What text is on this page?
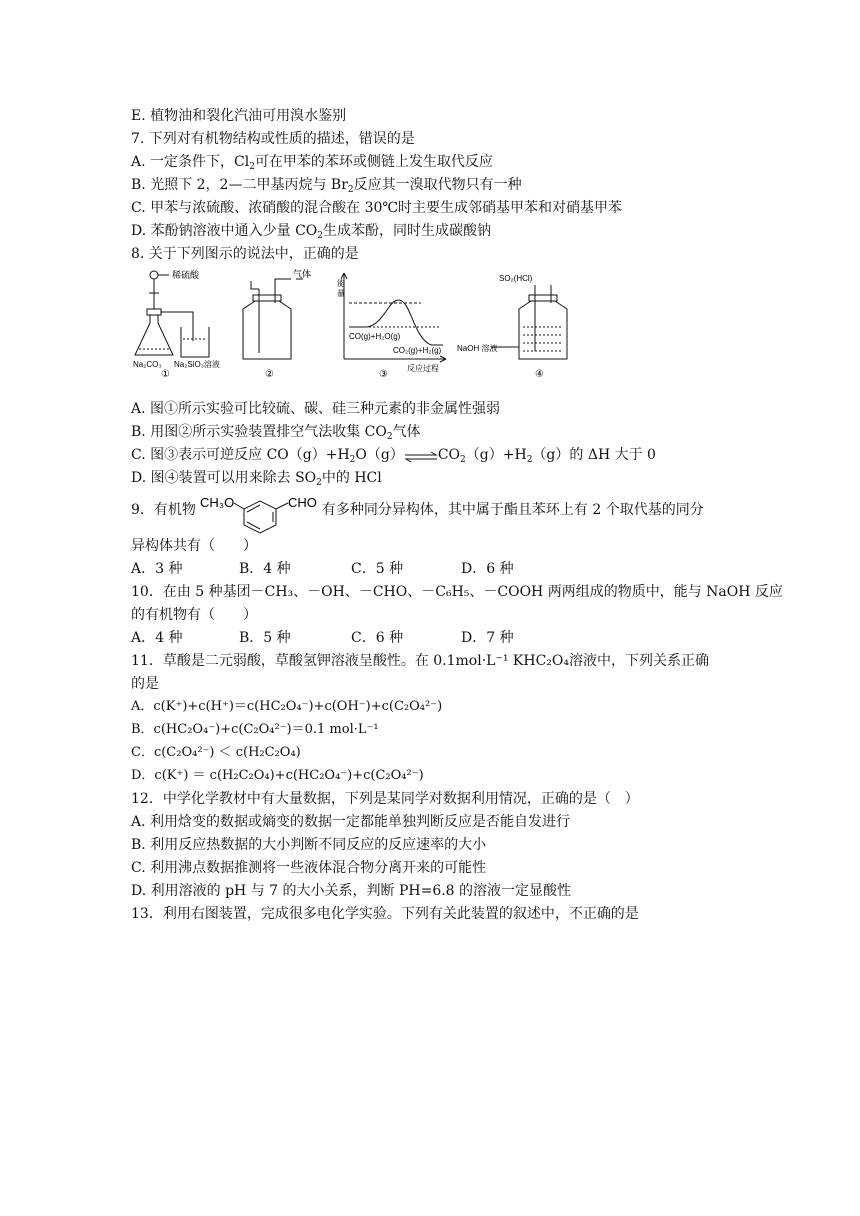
E. 植物油和裂化汽油可用溴水鉴别
7. 下列对有机物结构或性质的描述，错误的是
A. 一定条件下，$Cl_2$可在甲苯的苯环或侧链上发生取代反应
B. 光照下 2，2—二甲基丙烷与 $Br_2$反应其一溴取代物只有一种
C. 甲苯与浓硫酸、浓硝酸的混合酸在 30℃时主要生成邻硝基甲苯和对硝基甲苯
D. 苯酚钠溶液中通入少量 $CO_2$生成苯酚，同时生成碳酸钠
8. 关于下列图示的说法中，正确的是
稀硫酸
Na₂CO₃ Na₂SiO₃溶液
①
气体
②
能
量
CO(g)+H₂O(g)
CO₂(g)+H₂(g)
反应过程
③
SO₂(HCl)
NaOH 溶液
④
A. 图①所示实验可比较硫、碳、硅三种元素的非金属性强弱
B. 用图②所示实验装置排空气法收集 $CO_2$气体
C. 图③表示可逆反应 $CO(g)+H_2O(g)\rightleftharpoons CO_2(g)+H_2(g)$的 ΔH 大于 0
D. 图④装置可以用来除去 $SO_2$中的 HCl
9．有机物	有多种同分异构体，其中属于酯且苯环上有 2 个取代基的同分
CH₃O	CHO
异构体共有（　　）
A．3 种	B．4 种	C．5 种	D．6 种
10．在由 5 种基团－CH₃、－OH、－CHO、－C₆H₅、－COOH 两两组成的物质中，能与 NaOH 反应
的有机物有（　　）
A．4 种	B．5 种	C．6 种	D．7 种
11．草酸是二元弱酸，草酸氢钾溶液呈酸性。在 0.1mol·L⁻¹ KHC₂O₄溶液中，下列关系正确
的是
A．c(K⁺)+c(H⁺)＝c(HC₂O₄⁻)+c(OH⁻)+c(C₂O₄²⁻)
B．c(HC₂O₄⁻)+c(C₂O₄²⁻)＝0.1 mol·L⁻¹
C．c(C₂O₄²⁻) ＜ c(H₂C₂O₄)
D．c(K⁺) ＝ c(H₂C₂O₄)+c(HC₂O₄⁻)+c(C₂O₄²⁻)
12．中学化学教材中有大量数据，下列是某同学对数据利用情况，正确的是（　）
A. 利用焓变的数据或熵变的数据一定都能单独判断反应是否能自发进行
B. 利用反应热数据的大小判断不同反应的反应速率的大小
C. 利用沸点数据推测将一些液体混合物分离开来的可能性
D. 利用溶液的 pH 与 7 的大小关系，判断 PH=6.8 的溶液一定显酸性
13．利用右图装置，完成很多电化学实验。下列有关此装置的叙述中，不正确的是
